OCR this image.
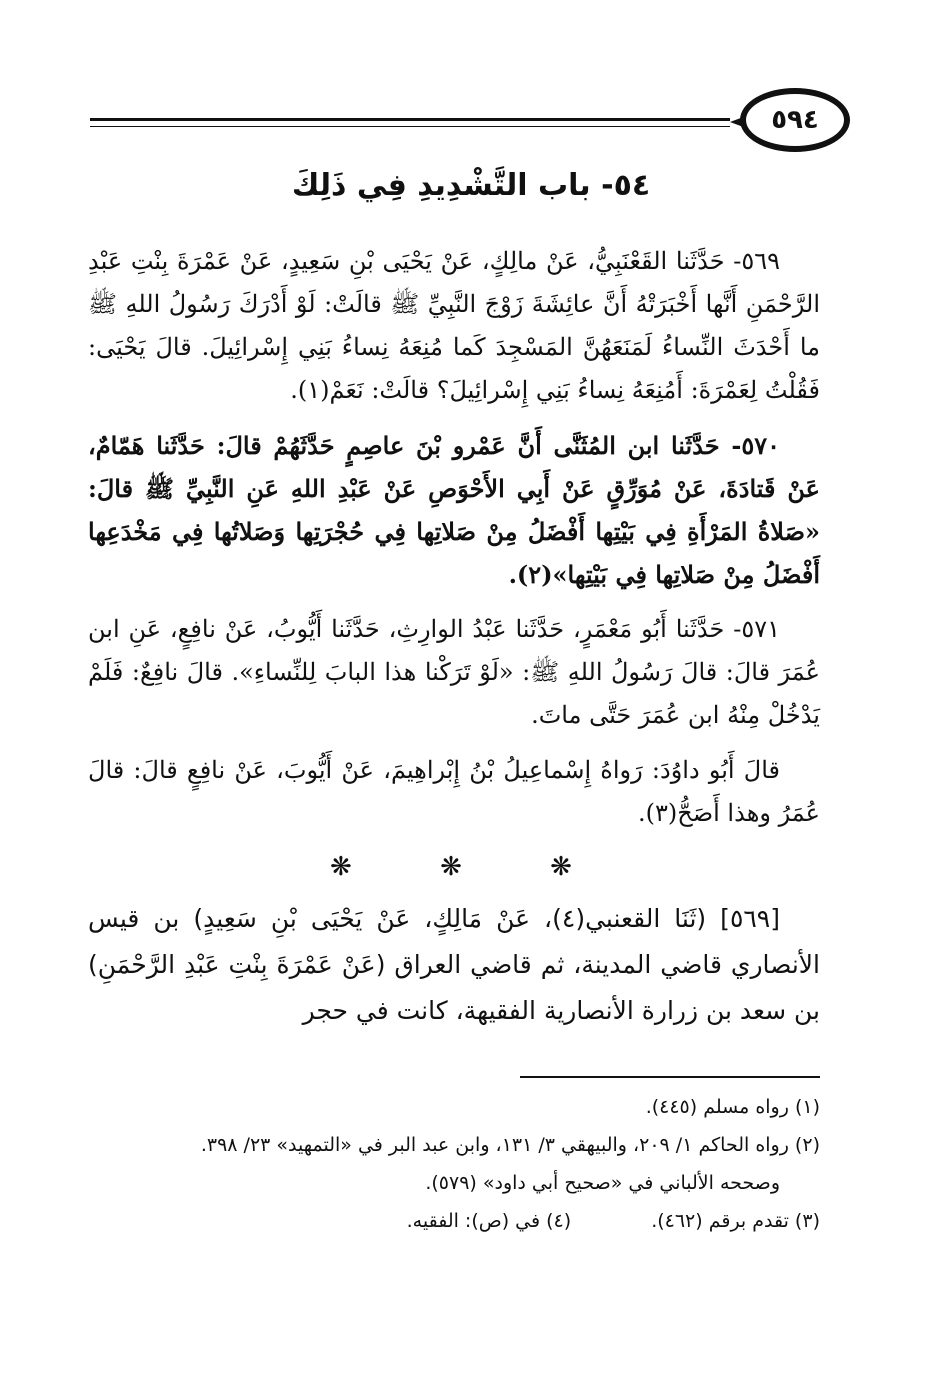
٥٩٤
٥٤- باب التَّشْدِيدِ فِي ذَلِكَ

٥٦٩- حَدَّثَنا القَعْنَبِيُّ، عَنْ مالِكٍ، عَنْ يَحْيَى بْنِ سَعِيدٍ، عَنْ عَمْرَةَ بِنْتِ عَبْدِ الرَّحْمَنِ أَنَّها أَخْبَرَتْهُ أَنَّ عائِشَةَ زَوْجَ النَّبِيِّ ﷺ قالَتْ: لَوْ أَدْرَكَ رَسُولُ اللهِ ﷺ ما أَحْدَثَ النِّساءُ لَمَنَعَهُنَّ المَسْجِدَ كَما مُنِعَهُ نِساءُ بَنِي إِسْرائِيلَ. قالَ يَحْيَى: فَقُلْتُ لِعَمْرَةَ: أَمُنِعَهُ نِساءُ بَنِي إِسْرائِيلَ؟ قالَتْ: نَعَمْ(١).

٥٧٠- حَدَّثَنا ابن المُثَنَّى أَنَّ عَمْرو بْنَ عاصِمٍ حَدَّثَهُمْ قالَ: حَدَّثَنا هَمّامٌ، عَنْ قَتادَةَ، عَنْ مُوَرِّقٍ عَنْ أَبِي الأَحْوَصِ عَنْ عَبْدِ اللهِ عَنِ النَّبِيِّ ﷺ قالَ: «صَلاةُ المَرْأَةِ فِي بَيْتِها أَفْضَلُ مِنْ صَلاتِها فِي حُجْرَتِها وَصَلاتُها فِي مَخْدَعِها أَفْضَلُ مِنْ صَلاتِها فِي بَيْتِها»(٢).

٥٧١- حَدَّثَنا أَبُو مَعْمَرٍ، حَدَّثَنا عَبْدُ الوارِثِ، حَدَّثَنا أَيُّوبُ، عَنْ نافِعٍ، عَنِ ابن عُمَرَ قالَ: قالَ رَسُولُ اللهِ ﷺ: «لَوْ تَرَكْنا هذا البابَ لِلنِّساءِ». قالَ نافِعٌ: فَلَمْ يَدْخُلْ مِنْهُ ابن عُمَرَ حَتَّى ماتَ.

قالَ أَبُو داوُدَ: رَواهُ إِسْماعِيلُ بْنُ إِبْراهِيمَ، عَنْ أَيُّوبَ، عَنْ نافِعٍ قالَ: قالَ عُمَرُ وهذا أَصَحُّ(٣).

❋ ❋ ❋

[٥٦٩] (ثَنَا القعنبي(٤)، عَنْ مَالِكٍ، عَنْ يَحْيَى بْنِ سَعِيدٍ) بن قيس الأنصاري قاضي المدينة، ثم قاضي العراق (عَنْ عَمْرَةَ بِنْتِ عَبْدِ الرَّحْمَنِ) بن سعد بن زرارة الأنصارية الفقيهة، كانت في حجر

(١) رواه مسلم (٤٤٥).

(٢) رواه الحاكم ١/ ٢٠٩، والبيهقي ٣/ ١٣١، وابن عبد البر في «التمهيد» ٢٣/ ٣٩٨.

وصححه الألباني في «صحيح أبي داود» (٥٧٩).

(٣) تقدم برقم (٤٦٢).
(٤) في (ص): الفقيه.
